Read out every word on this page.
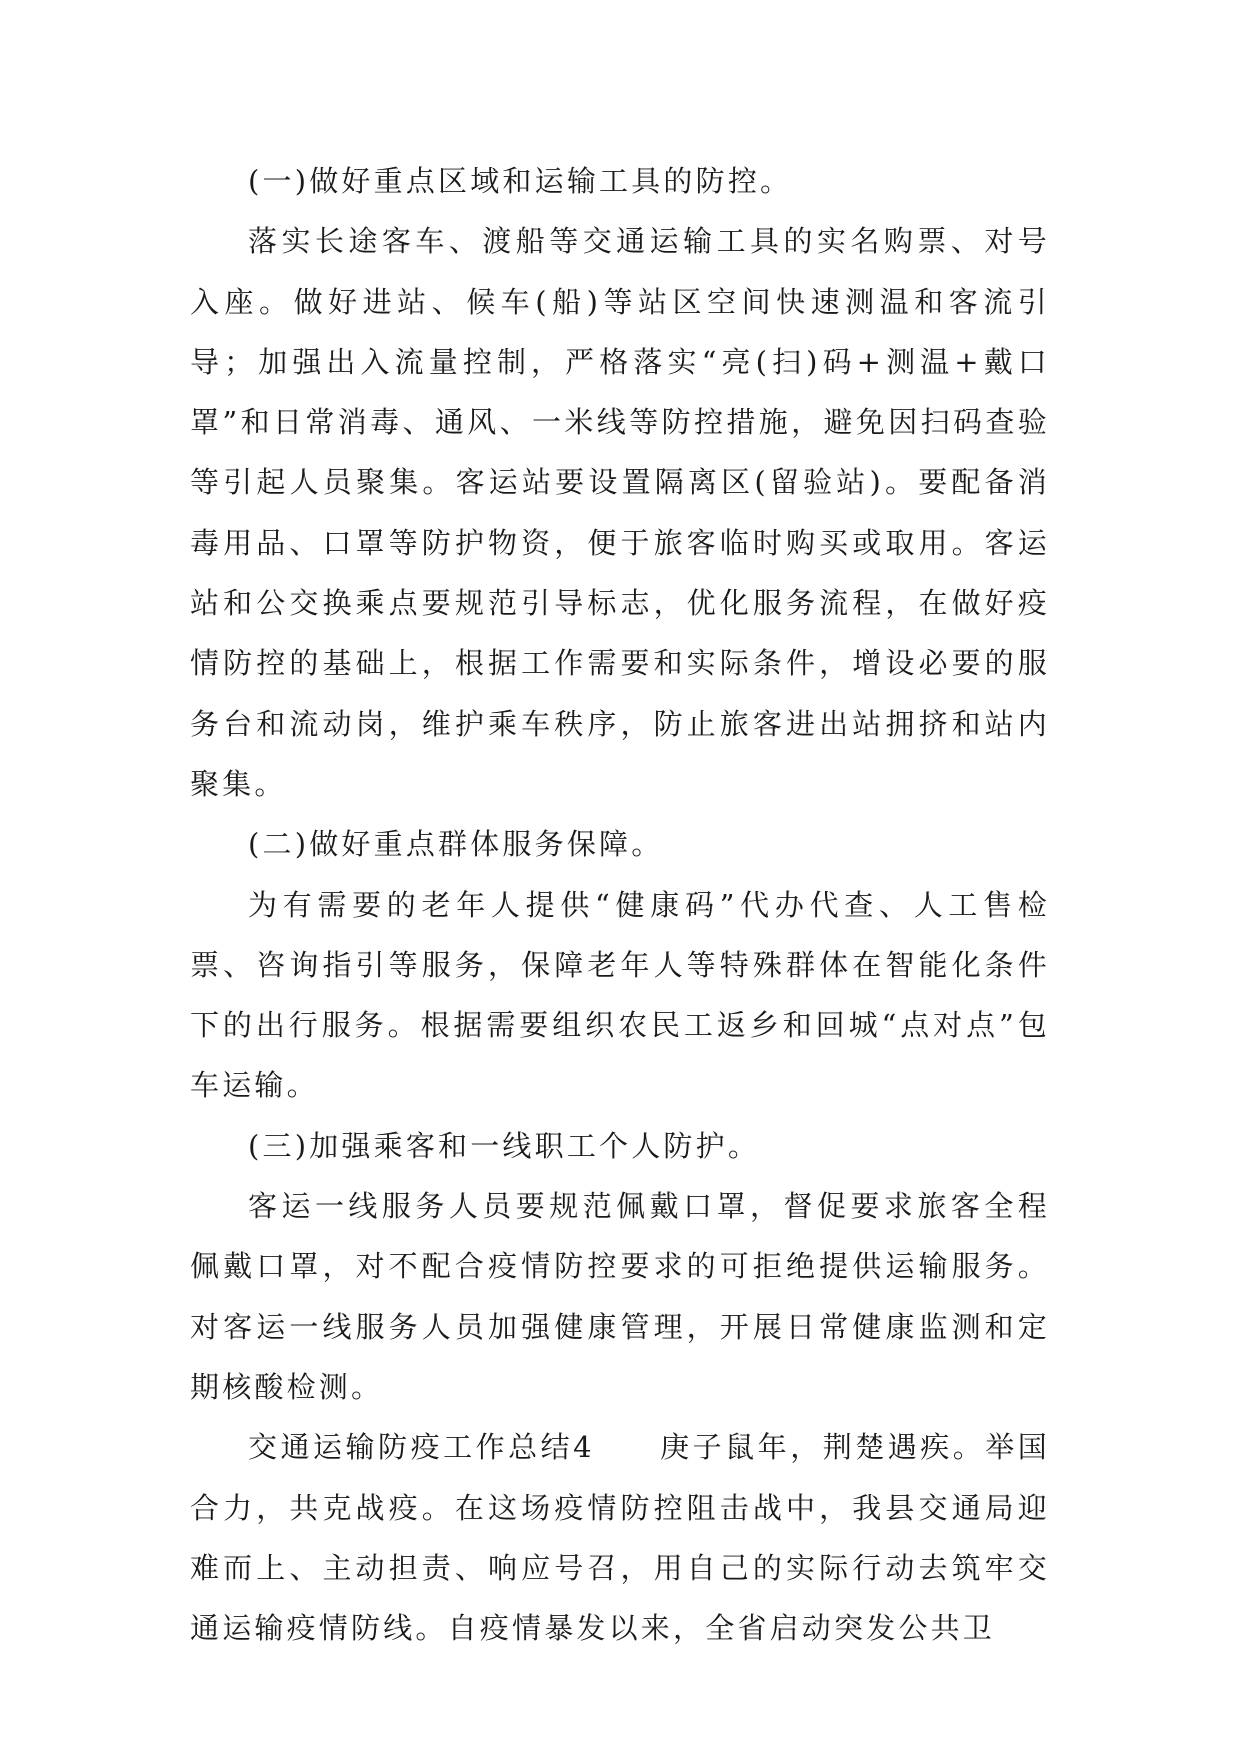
(一)做好重点区域和运输工具的防控。

落实长途客车、渡船等交通运输工具的实名购票、对号入座。做好进站、候车(船)等站区空间快速测温和客流引导；加强出入流量控制，严格落实“亮(扫)码+测温+戴口罩”和日常消毒、通风、一米线等防控措施，避免因扫码查验等引起人员聚集。客运站要设置隔离区(留验站)。要配备消毒用品、口罩等防护物资，便于旅客临时购买或取用。客运站和公交换乘点要规范引导标志，优化服务流程，在做好疫情防控的基础上，根据工作需要和实际条件，增设必要的服务台和流动岗，维护乘车秩序，防止旅客进出站拥挤和站内聚集。

(二)做好重点群体服务保障。

为有需要的老年人提供“健康码”代办代查、人工售检票、咨询指引等服务，保障老年人等特殊群体在智能化条件下的出行服务。根据需要组织农民工返乡和回城“点对点”包车运输。

(三)加强乘客和一线职工个人防护。

客运一线服务人员要规范佩戴口罩，督促要求旅客全程佩戴口罩，对不配合疫情防控要求的可拒绝提供运输服务。对客运一线服务人员加强健康管理，开展日常健康监测和定期核酸检测。

交通运输防疫工作总结4　　庚子鼠年，荆楚遇疾。举国合力，共克战疫。在这场疫情防控阻击战中，我县交通局迎难而上、主动担责、响应号召，用自己的实际行动去筑牢交通运输疫情防线。自疫情暴发以来，全省启动突发公共卫
